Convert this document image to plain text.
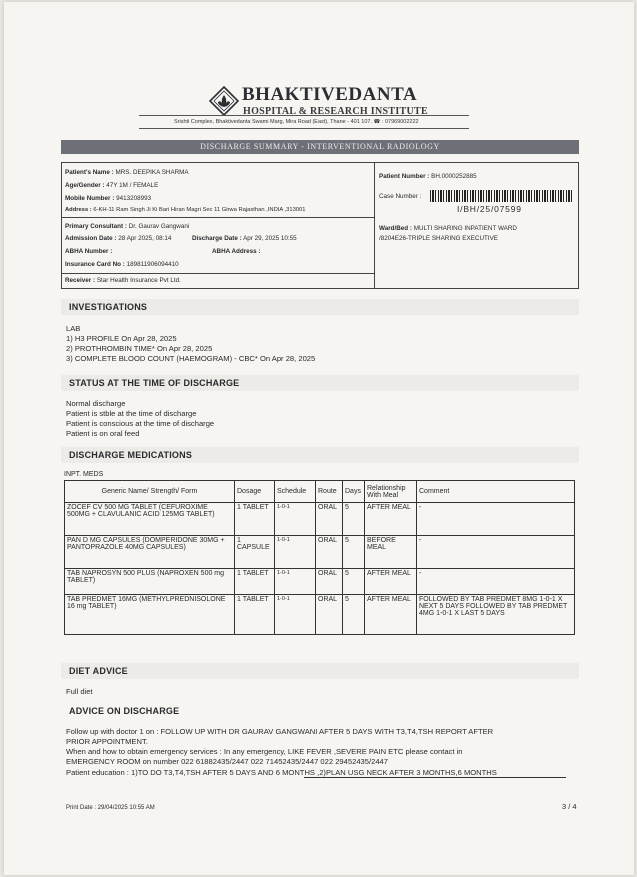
BHAKTIVEDANTA
HOSPITAL & RESEARCH INSTITUTE
Srishti Complex, Bhaktivedanta Swami Marg, Mira Road (East), Thane - 401 107. ☎ : 07969002222
DISCHARGE SUMMARY - INTERVENTIONAL RADIOLOGY
Patient's Name : MRS. DEEPIKA SHARMA
Age/Gender : 47Y 1M / FEMALE
Mobile Number : 9413208993
Address : 6-KH-11 Ram Singh Ji Ki Bari Hiran Magri Sec 11 Girwa Rajasthan ,INDIA ,313001
Primary Consultant : Dr. Gaurav Gangwani
Admission Date : 28 Apr 2025, 08:14	Discharge Date : Apr 29, 2025 10:55
ABHA Number :	ABHA Address :
Insurance Card No : 189811906094410
Receiver : Star Health Insurance Pvt Ltd.
Patient Number : BH.0000252885
Case Number :
I/BH/25/07599
Ward/Bed : MULTI SHARING INPATIENT WARD
/8204E26-TRIPLE SHARING EXECUTIVE
INVESTIGATIONS
LAB
1) H3 PROFILE On Apr 28, 2025
2) PROTHROMBIN TIME* On Apr 28, 2025
3) COMPLETE BLOOD COUNT (HAEMOGRAM) - CBC* On Apr 28, 2025
STATUS AT THE TIME OF DISCHARGE
Normal discharge
Patient is stble at the time of discharge
Patient is conscious at the time of discharge
Patient is on oral feed
DISCHARGE MEDICATIONS
INPT. MEDS
Generic Name/ Strength/ Form	Dosage	Schedule	Route	Days	Relationship With Meal	Comment
ZOCEF CV 500 MG TABLET (CEFUROXIME 500MG + CLAVULANIC ACID 125MG TABLET)	1 TABLET	1-0-1	ORAL	5	AFTER MEAL	-
PAN D MG CAPSULES (DOMPERIDONE 30MG + PANTOPRAZOLE 40MG CAPSULES)	1 CAPSULE	1-0-1	ORAL	5	BEFORE MEAL	-
TAB NAPROSYN 500 PLUS (NAPROXEN 500 mg TABLET)	1 TABLET	1-0-1	ORAL	5	AFTER MEAL	-
TAB PREDMET 16MG (METHYLPREDNISOLONE 16 mg TABLET)	1 TABLET	1-0-1	ORAL	5	AFTER MEAL	FOLLOWED BY TAB PREDMET 8MG 1-0-1 X NEXT 5 DAYS FOLLOWED BY TAB PREDMET 4MG 1-0-1 X LAST 5 DAYS
DIET ADVICE
Full diet
ADVICE ON DISCHARGE
Follow up with doctor 1 on : FOLLOW UP WITH DR GAURAV GANGWANI AFTER 5 DAYS WITH T3,T4,TSH REPORT AFTER
PRIOR APPOINTMENT.
When and how to obtain emergency services : In any emergency, LIKE FEVER ,SEVERE PAIN ETC please contact in
EMERGENCY ROOM on number 022 61882435/2447 022 71452435/2447 022 29452435/2447
Patient education : 1)TO DO T3,T4,TSH AFTER 5 DAYS AND 6 MONTHS ,2)PLAN USG NECK AFTER 3 MONTHS,6 MONTHS
Print Date : 29/04/2025 10:55 AM	3 / 4
